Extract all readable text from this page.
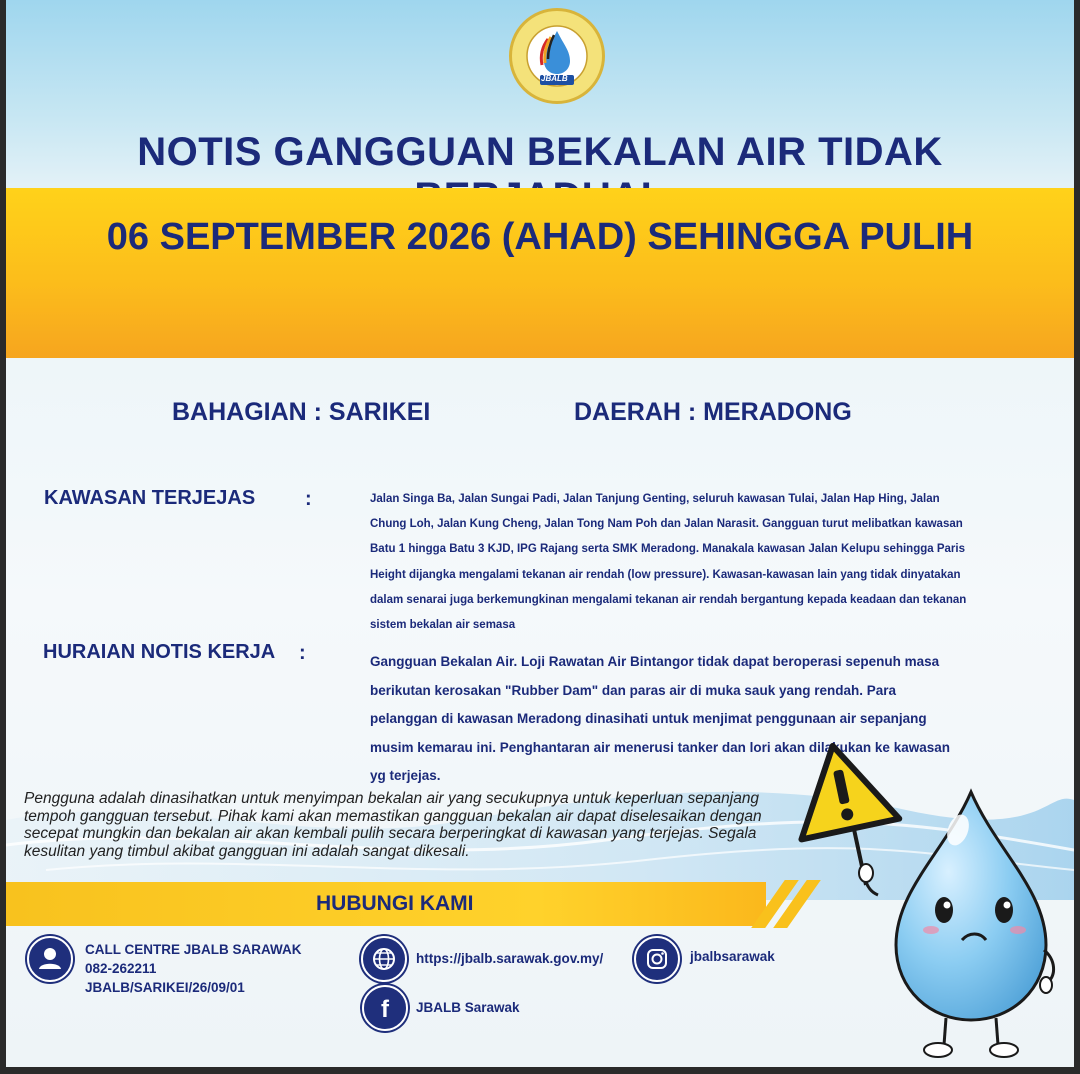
JBALB
NOTIS GANGGUAN BEKALAN AIR TIDAK
06 SEPTEMBER 2026 (AHAD) SEHINGGA PULIH
BAHAGIAN : SARIKEI	DAERAH : MERADONG
KAWASAN TERJEJAS :	Jalan Singa Ba, Jalan Sungai Padi, Jalan Tanjung Genting, seluruh kawasan Tulai, Jalan Hap Hing, Jalan Chung Loh, Jalan Kung Cheng, Jalan Tong Nam Poh dan Jalan Narasit. Gangguan turut melibatkan kawasan Batu 1 hingga Batu 3 KJD, IPG Rajang serta SMK Meradong. Manakala kawasan Jalan Kelupu sehingga Paris Height dijangka mengalami tekanan air rendah (low pressure). Kawasan-kawasan lain yang tidak dinyatakan dalam senarai juga berkemungkinan mengalami tekanan air rendah bergantung kepada keadaan dan tekanan sistem bekalan air semasa
HURAIAN NOTIS KERJA :	Gangguan Bekalan Air. Loji Rawatan Air Bintangor tidak dapat beroperasi sepenuh masa berikutan kerosakan "Rubber Dam" dan paras air di muka sauk yang rendah. Para pelanggan di kawasan Meradong dinasihati untuk menjimat penggunaan air sepanjang musim kemarau ini. Penghantaran air menerusi tanker dan lori akan dilakukan ke kawasan yg terjejas.
Pengguna adalah dinasihatkan untuk menyimpan bekalan air yang secukupnya untuk keperluan sepanjang tempoh gangguan tersebut. Pihak kami akan memastikan gangguan bekalan air dapat diselesaikan dengan secepat mungkin dan bekalan air akan kembali pulih secara berperingkat di kawasan yang terjejas. Segala kesulitan yang timbul akibat gangguan ini adalah sangat dikesali.
HUBUNGI KAMI
CALL CENTRE JBALB SARAWAK
082-262211
JBALB/SARIKEI/26/09/01
https://jbalb.sarawak.gov.my/
f JBALB Sarawak
jbalbsarawak
